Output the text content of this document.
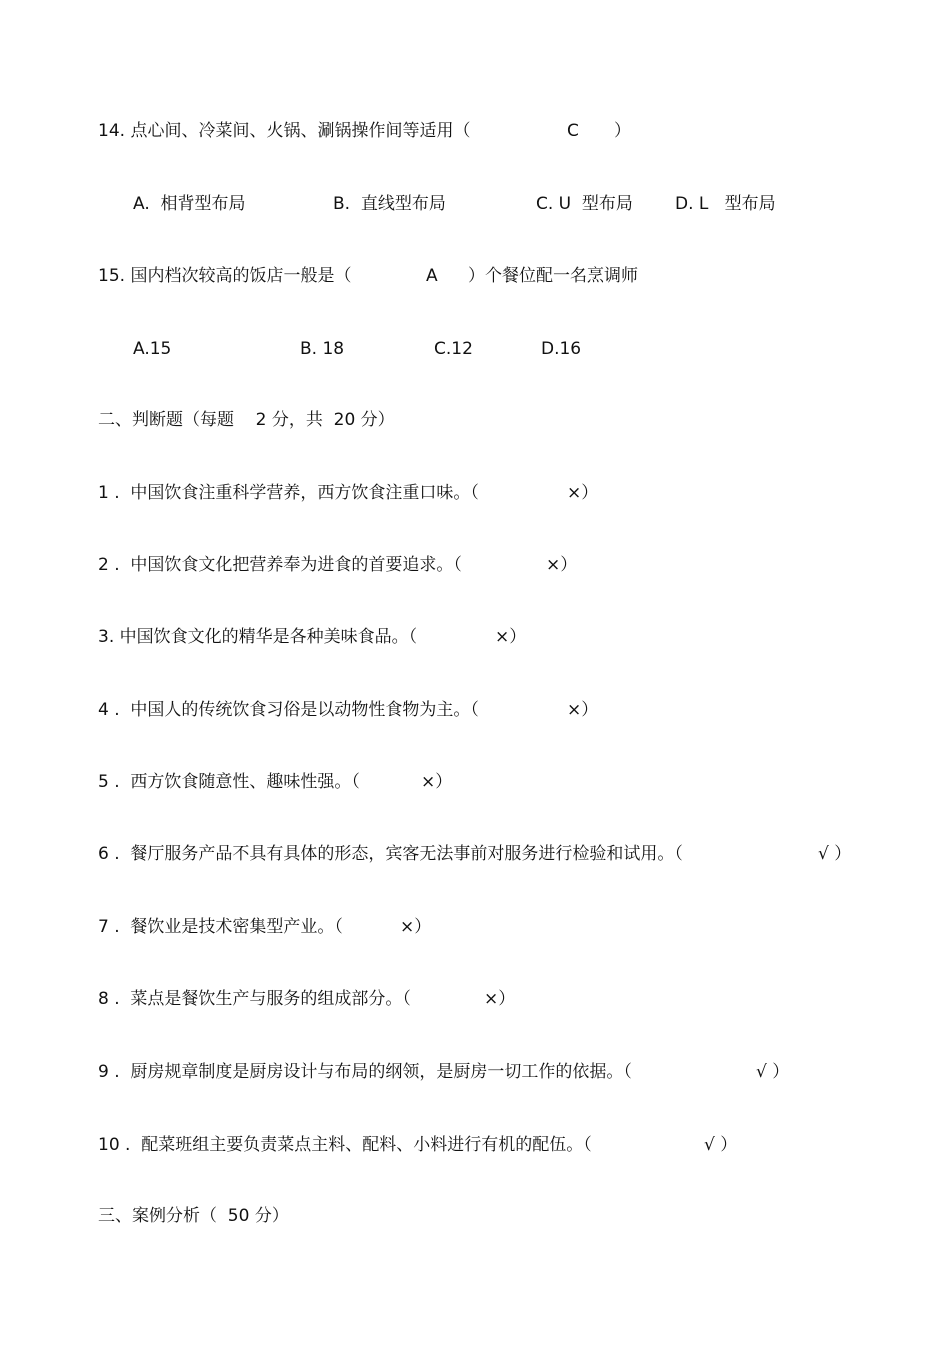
14. 点心间、冷菜间、火锅、涮锅操作间等适用（

	C

）

A.  相背型布局

	B.  直线型布局

	C. U  型布局

D. L   型布局

15. 国内档次较高的饭店一般是（

	A

）个餐位配一名烹调师

A.15

	B. 18

	C.12

	D.16

二、判断题（每题    2 分，共  20 分）

1 .  中国饮食注重科学营养，西方饮食注重口味。（

	×）

2 .  中国饮食文化把营养奉为进食的首要追求。（

	×）

3. 中国饮食文化的精华是各种美味食品。（

	×）

4 .  中国人的传统饮食习俗是以动物性食物为主。（

	×）

5 .  西方饮食随意性、趣味性强。（

	×）

6 .  餐厅服务产品不具有具体的形态，宾客无法事前对服务进行检验和试用。（

	√ ）

7 .  餐饮业是技术密集型产业。（

	×）

8 .  菜点是餐饮生产与服务的组成部分。（

	×）

9 .  厨房规章制度是厨房设计与布局的纲领，是厨房一切工作的依据。（

	√ ）

10 .  配菜班组主要负责菜点主料、配料、小料进行有机的配伍。（

	√ ）

三、案例分析（  50 分）
